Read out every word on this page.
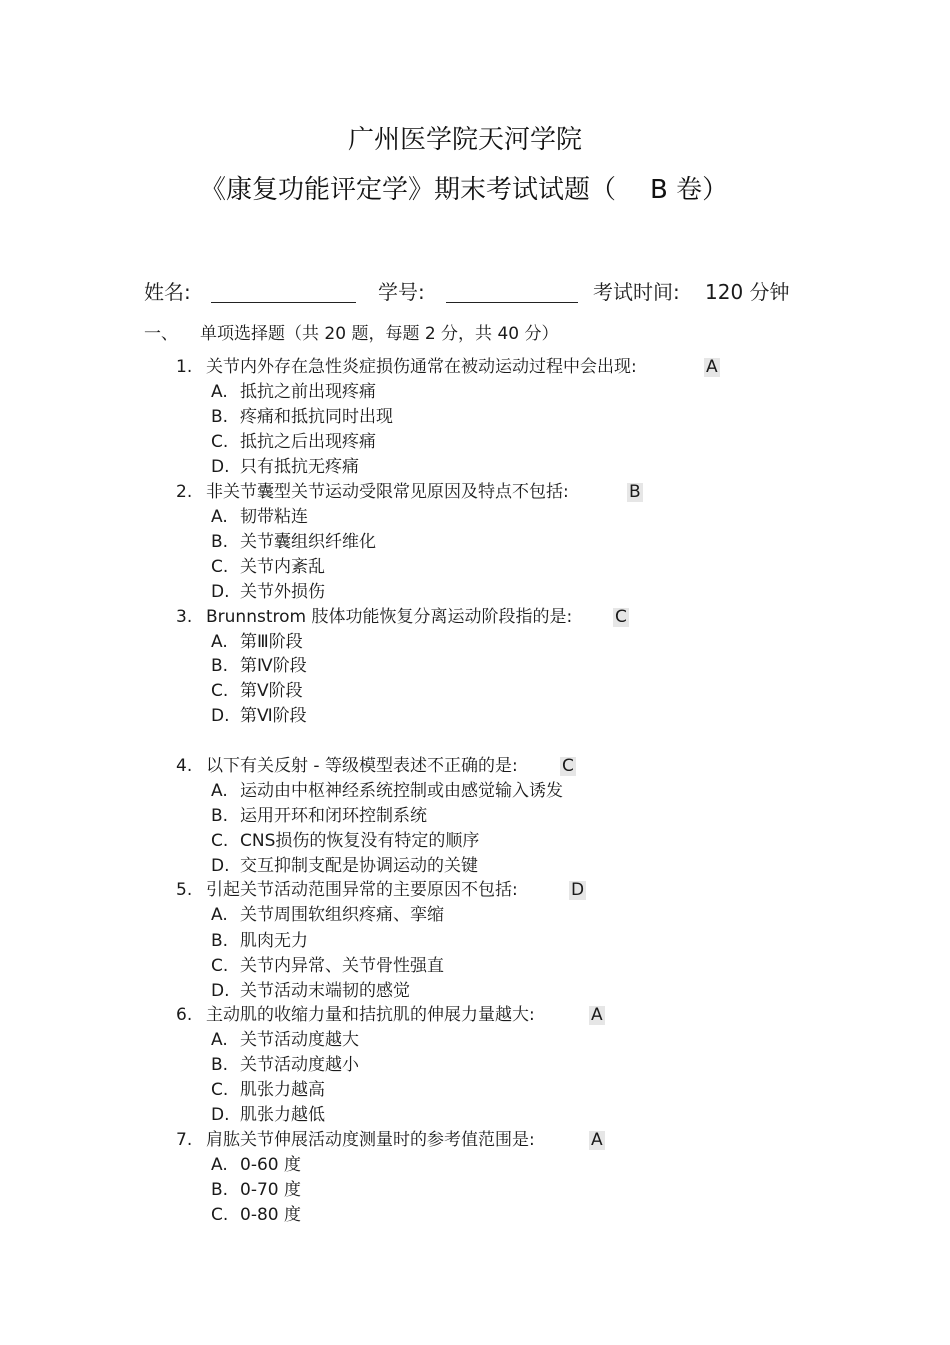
广州医学院天河学院
《康复功能评定学》期末考试试题（ B 卷）
姓名:	学号:	考试时间: 120 分钟
一、 单项选择题（共 20 题，每题 2 分，共 40 分）
1. 关节内外存在急性炎症损伤通常在被动运动过程中会出现:	A
A. 抵抗之前出现疼痛
B. 疼痛和抵抗同时出现
C. 抵抗之后出现疼痛
D. 只有抵抗无疼痛
2. 非关节囊型关节运动受限常见原因及特点不包括:	B
A. 韧带粘连
B. 关节囊组织纤维化
C. 关节内紊乱
D. 关节外损伤
3. Brunnstrom 肢体功能恢复分离运动阶段指的是:	C
A. 第Ⅲ阶段
B. 第Ⅳ阶段
C. 第Ⅴ阶段
D. 第Ⅵ阶段
4. 以下有关反射 - 等级模型表述不正确的是:	C
A. 运动由中枢神经系统控制或由感觉输入诱发
B. 运用开环和闭环控制系统
C. CNS损伤的恢复没有特定的顺序
D. 交互抑制支配是协调运动的关键
5. 引起关节活动范围异常的主要原因不包括:	D
A. 关节周围软组织疼痛、挛缩
B. 肌肉无力
C. 关节内异常、关节骨性强直
D. 关节活动末端韧的感觉
6. 主动肌的收缩力量和拮抗肌的伸展力量越大:	A
A. 关节活动度越大
B. 关节活动度越小
C. 肌张力越高
D. 肌张力越低
7. 肩肱关节伸展活动度测量时的参考值范围是:	A
A. 0-60 度
B. 0-70 度
C. 0-80 度
